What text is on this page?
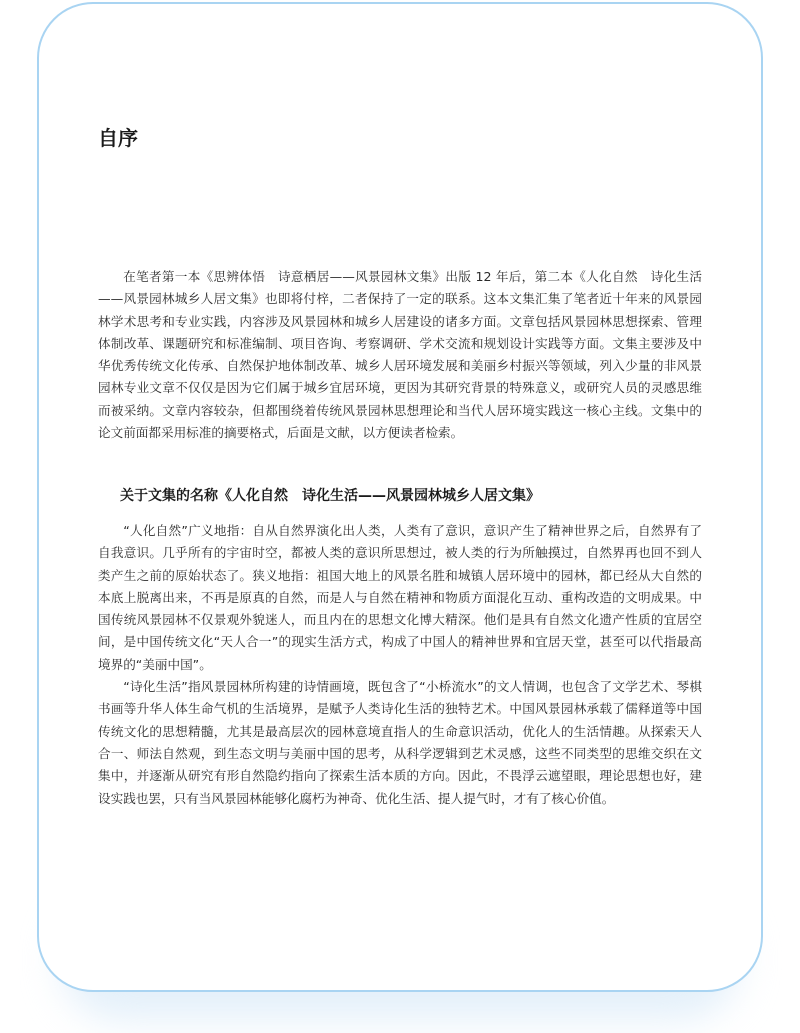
自序

在笔者第一本《思辨体悟　诗意栖居——风景园林文集》出版 12 年后，第二本《人化自然　诗化生活——风景园林城乡人居文集》也即将付梓，二者保持了一定的联系。这本文集汇集了笔者近十年来的风景园林学术思考和专业实践，内容涉及风景园林和城乡人居建设的诸多方面。文章包括风景园林思想探索、管理体制改革、课题研究和标准编制、项目咨询、考察调研、学术交流和规划设计实践等方面。文集主要涉及中华优秀传统文化传承、自然保护地体制改革、城乡人居环境发展和美丽乡村振兴等领域，列入少量的非风景园林专业文章不仅仅是因为它们属于城乡宜居环境，更因为其研究背景的特殊意义，或研究人员的灵感思维而被采纳。文章内容较杂，但都围绕着传统风景园林思想理论和当代人居环境实践这一核心主线。文集中的论文前面都采用标准的摘要格式，后面是文献，以方便读者检索。

关于文集的名称《人化自然　诗化生活——风景园林城乡人居文集》

“人化自然”广义地指：自从自然界演化出人类，人类有了意识，意识产生了精神世界之后，自然界有了自我意识。几乎所有的宇宙时空，都被人类的意识所思想过，被人类的行为所触摸过，自然界再也回不到人类产生之前的原始状态了。狭义地指：祖国大地上的风景名胜和城镇人居环境中的园林，都已经从大自然的本底上脱离出来，不再是原真的自然，而是人与自然在精神和物质方面混化互动、重构改造的文明成果。中国传统风景园林不仅景观外貌迷人，而且内在的思想文化博大精深。他们是具有自然文化遗产性质的宜居空间，是中国传统文化“天人合一”的现实生活方式，构成了中国人的精神世界和宜居天堂，甚至可以代指最高境界的“美丽中国”。

“诗化生活”指风景园林所构建的诗情画境，既包含了“小桥流水”的文人情调，也包含了文学艺术、琴棋书画等升华人体生命气机的生活境界，是赋予人类诗化生活的独特艺术。中国风景园林承载了儒释道等中国传统文化的思想精髓，尤其是最高层次的园林意境直指人的生命意识活动，优化人的生活情趣。从探索天人合一、师法自然观，到生态文明与美丽中国的思考，从科学逻辑到艺术灵感，这些不同类型的思维交织在文集中，并逐渐从研究有形自然隐约指向了探索生活本质的方向。因此，不畏浮云遮望眼，理论思想也好，建设实践也罢，只有当风景园林能够化腐朽为神奇、优化生活、提人提气时，才有了核心价值。
